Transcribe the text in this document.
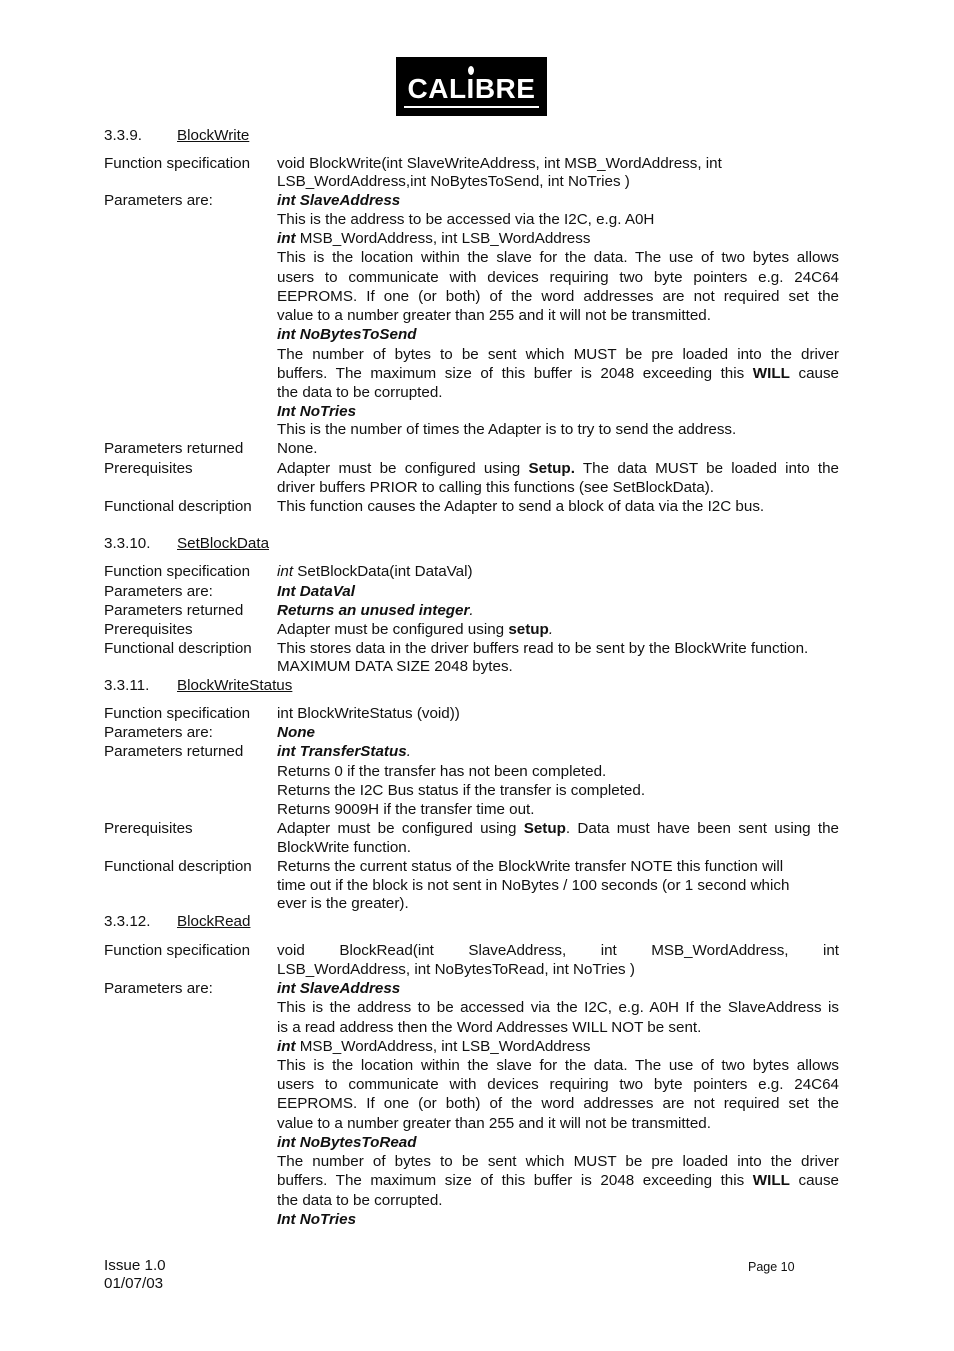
CALIBRE
3.3.9. BlockWrite
Function specification void BlockWrite(int SlaveWriteAddress, int MSB_WordAddress, int
LSB_WordAddress,int NoBytesToSend, int NoTries )
Parameters are:	int SlaveAddress
This is the address to be accessed via the I2C, e.g. A0H
int MSB_WordAddress, int LSB_WordAddress
This is the location within the slave for the data. The use of two bytes allows
users to communicate with devices requiring two byte pointers e.g. 24C64
EEPROMS. If one (or both) of the word addresses are not required set the
value to a number greater than 255 and it will not be transmitted.
int NoBytesToSend
The number of bytes to be sent which MUST be pre loaded into the driver
buffers. The maximum size of this buffer is 2048 exceeding this WILL cause
the data to be corrupted.
Int NoTries
This is the number of times the Adapter is to try to send the address.
Parameters returned None.
Prerequisites	Adapter must be configured using Setup. The data MUST be loaded into the
driver buffers PRIOR to calling this functions (see SetBlockData).
Functional description This function causes the Adapter to send a block of data via the I2C bus.
3.3.10. SetBlockData
Function specification int SetBlockData(int DataVal)
Parameters are:	Int DataVal
Parameters returned Returns an unused integer.
Prerequisites	Adapter must be configured using setup.
Functional description This stores data in the driver buffers read to be sent by the BlockWrite function.
MAXIMUM DATA SIZE 2048 bytes.
3.3.11. BlockWriteStatus
Function specification int BlockWriteStatus (void))
Parameters are:	None
Parameters returned int TransferStatus.
Returns 0 if the transfer has not been completed.
Returns the I2C Bus status if the transfer is completed.
Returns 9009H if the transfer time out.
Prerequisites	Adapter must be configured using Setup. Data must have been sent using the
BlockWrite function.
Functional description Returns the current status of the BlockWrite transfer NOTE this function will
time out if the block is not sent in NoBytes / 100 seconds (or 1 second which
ever is the greater).
3.3.12. BlockRead
Function specification void BlockRead(int SlaveAddress, int MSB_WordAddress, int
LSB_WordAddress, int NoBytesToRead, int NoTries )
Parameters are:	int SlaveAddress
This is the address to be accessed via the I2C, e.g. A0H If the SlaveAddress is
is a read address then the Word Addresses WILL NOT be sent.
int MSB_WordAddress, int LSB_WordAddress
This is the location within the slave for the data. The use of two bytes allows
users to communicate with devices requiring two byte pointers e.g. 24C64
EEPROMS. If one (or both) of the word addresses are not required set the
value to a number greater than 255 and it will not be transmitted.
int NoBytesToRead
The number of bytes to be sent which MUST be pre loaded into the driver
buffers. The maximum size of this buffer is 2048 exceeding this WILL cause
the data to be corrupted.
Int NoTries
Issue 1.0
01/07/03
Page 10
